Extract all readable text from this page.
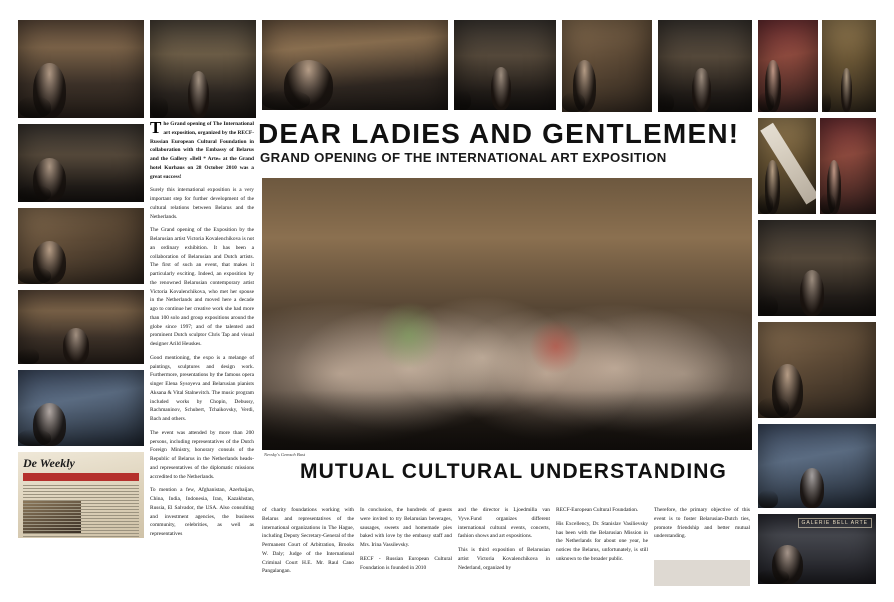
De Weekly
GALERIE BELL ARTE
Nevsky's Gemsch Bust
DEAR LADIES AND GENTLEMEN!
GRAND OPENING OF THE INTERNATIONAL ART EXPOSITION
MUTUAL CULTURAL UNDERSTANDING

The Grand opening of The International art exposition, organized by the RECF- Russian European Cultural Foundation in collaboration with the Embassy of Belarus and the Gallery «Bell * Arte» at the Grand hotel Kurhaus on 28 October 2010 was a great success!

Surely this international exposition is a very important step for further development of the cultural relations between Belarus and the Netherlands.

The Grand opening of the Exposition by the Belarusian artist Victoria Kovalenchikova is not an ordinary exhibition. It has been a collaboration of Belarusian and Dutch artists. The first of such an event, that makes it particularly exciting. Indeed, an exposition by the renowned Belarusian contemporary artist Victoria Kovalenchikova, who met her spouse in the Netherlands and moved here a decade ago to continue her creative work she had more than 100 solo and group expositions around the globe since 1997; and of the talented and prominent Dutch sculptor Chris Tap and visual designer Arild Heuskes.

Good mentioning, the expo is a melange of paintings, sculptures and design work. Furthermore, presentations by the famous opera singer Elena Sysoyeva and Belarusian pianists Aksana & Vital Stalnevitch. The music program included works by Chopin, Debussy, Rachmaninov, Schubert, Tchaikovsky, Verdi, Bach and others.

The event was attended by more than 200 persons, including representatives of the Dutch Foreign Ministry, honorary consuls of the Republic of Belarus in the Netherlands heads- and representatives of the diplomatic missions accredited to the Netherlands.

To mention a few, Afghanistan, Azerbaijan, China, India, Indonesia, Iran, Kazakhstan, Russia, El Salvador, the USA. Also consulting and investment agencies, the business community, celebrities, as well as representatives

of charity foundations working with Belarus and representatives of the international organizations in The Hague, including Deputy Secretary-General of the Permanent Court of Arbitration, Brooks W. Daly; Judge of the International Criminal Court H.E. Mr. Raul Cano Pangalangan.

In conclusion, the hundreds of guests were invited to try Belarusian beverages, sausages, sweets and homemade pies baked with love by the embassy staff and Mrs. Irina Vassilevsky.

RECF - Russian European Cultural Foundation is founded in 2010

and the director is Ljoedmilla van Vyve.Fund organizes different international cultural events, concerts, fashion shows and art expositions.

This is third exposition of Belarusian artist Victoria Kovalenchikova in Nederland, organized by

RECF-European Cultural Foundation.

His Excellency, Dr. Stanislav Vasilievsky has been with the Belarusian Mission in the Netherlands for about one year, he notices the Belarus, unfortunately, is still unknown to the broader public.

Therefore, the primary objective of this event is to foster Belarusian-Dutch ties, promote friendship and better mutual understanding.
